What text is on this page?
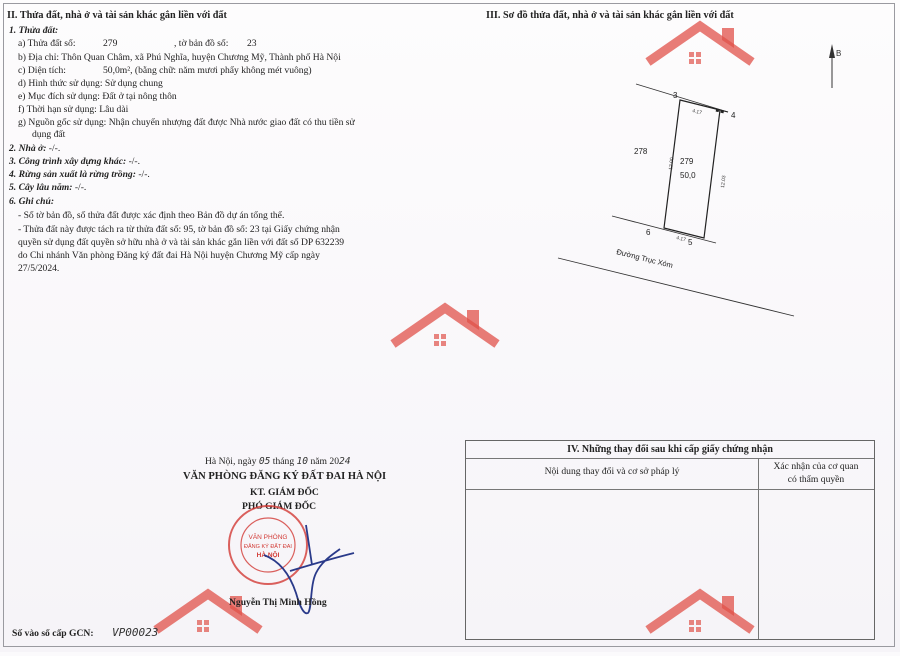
II. Thửa đất, nhà ở và tài sản khác gắn liền với đất
1. Thửa đất:
a) Thửa đất số:	279	, tờ bản đồ số: 23
b) Địa chỉ: Thôn Quan Châm, xã Phú Nghĩa, huyện Chương Mỹ, Thành phố Hà Nội
c) Diện tích:	50,0m², (bằng chữ: năm mươi phẩy không mét vuông)
d) Hình thức sử dụng: Sử dụng chung
e) Mục đích sử dụng: Đất ở tại nông thôn
f) Thời hạn sử dụng: Lâu dài
g) Nguồn gốc sử dụng: Nhận chuyển nhượng đất được Nhà nước giao đất có thu tiền sử
dụng đất
2. Nhà ở: -/-.
3. Công trình xây dựng khác: -/-.
4. Rừng sản xuất là rừng trồng: -/-.
5. Cây lâu năm: -/-.
6. Ghi chú:
- Số tờ bản đồ, số thửa đất được xác định theo Bản đồ dự án tổng thể.
- Thửa đất này được tách ra từ thửa đất số: 95, tờ bản đồ số: 23 tại Giấy chứng nhận
quyền sử dụng đất quyền sở hữu nhà ở và tài sản khác gắn liền với đất số DP 632239
do Chi nhánh Văn phòng Đăng ký đất đai Hà Nội huyện Chương Mỹ cấp ngày
27/5/2024.
Hà Nội, ngày 05 tháng 10 năm 2024
VĂN PHÒNG ĐĂNG KÝ ĐẤT ĐAI HÀ NỘI
KT. GIÁM ĐỐC
PHÓ GIÁM ĐỐC
VĂN PHÒNG
ĐĂNG KÝ ĐẤT ĐAI
HÀ NỘI
Nguyễn Thị Minh Hồng
Số vào sổ cấp GCN: VP00023
III. Sơ đồ thửa đất, nhà ở và tài sản khác gắn liền với đất
B
3
4
5
6
4.17
4.17
12.00
12.03
278
279
50,0
Đường Trục Xóm
IV. Những thay đổi sau khi cấp giấy chứng nhận
Nội dung thay đổi và cơ sở pháp lý	Xác nhận của cơ quan
có thẩm quyền
